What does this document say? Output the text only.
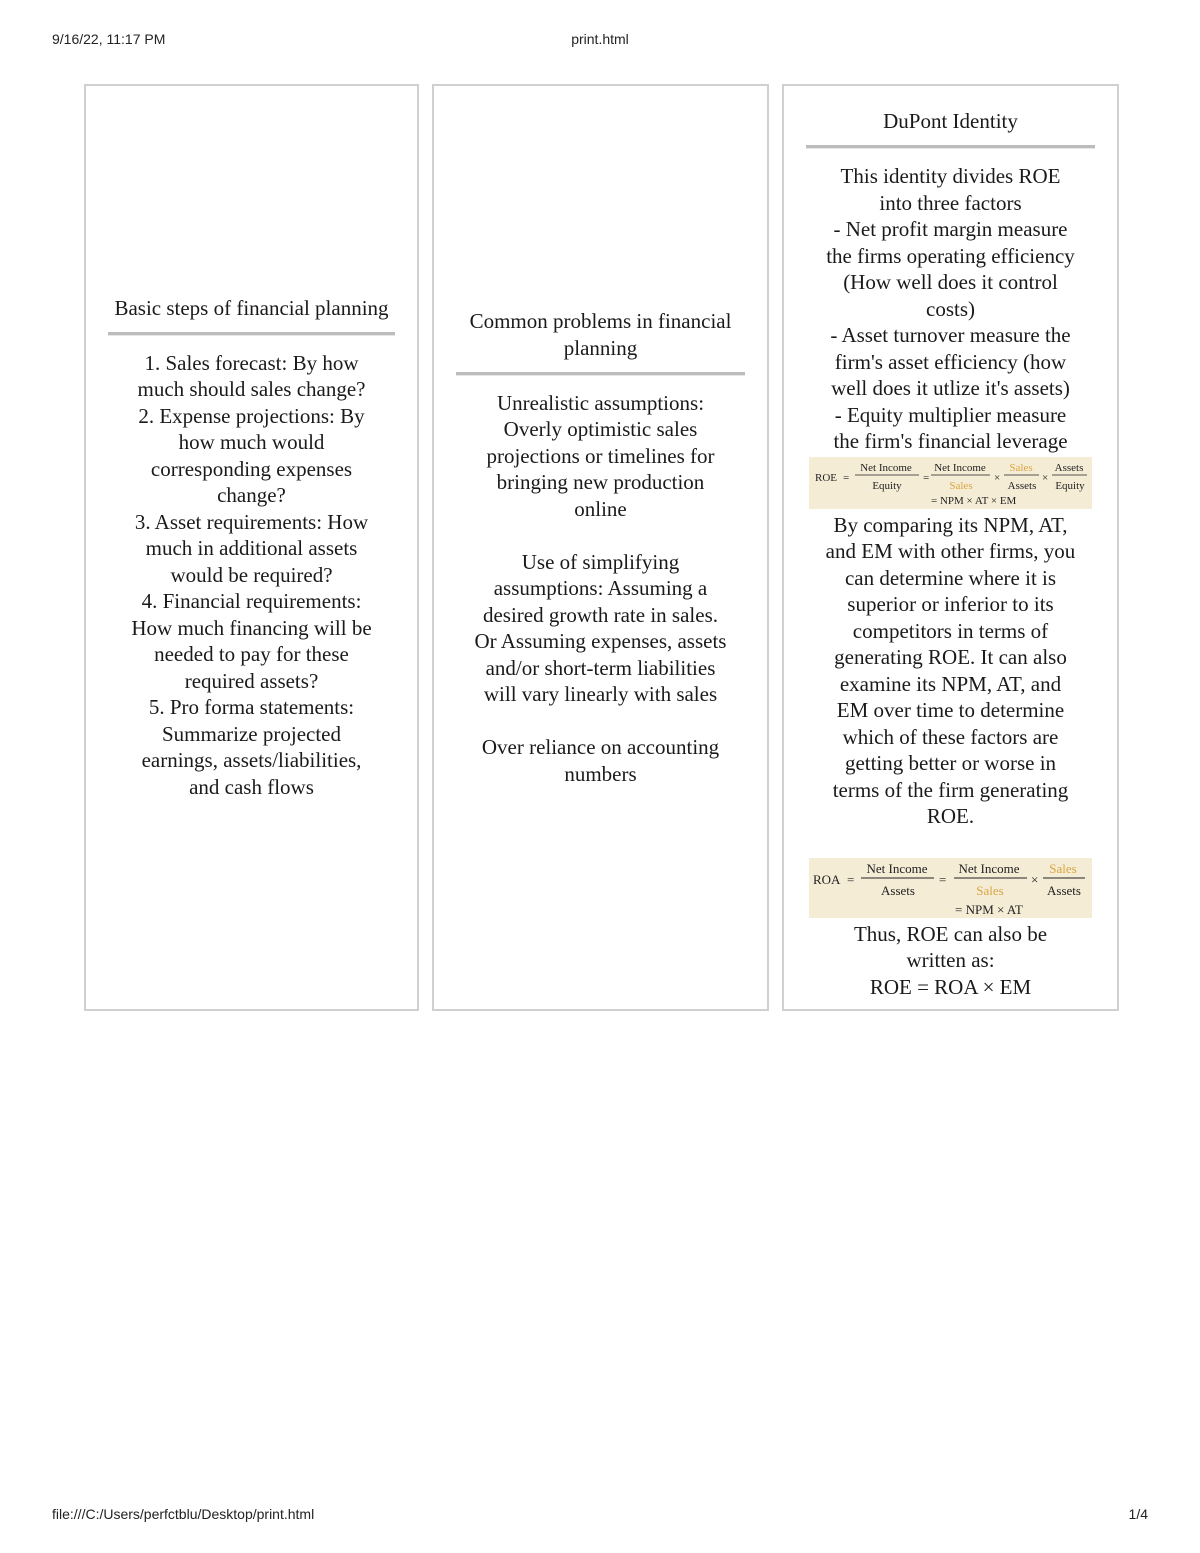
9/16/22, 11:17 PM	print.html
Basic steps of financial planning
1. Sales forecast: By how
much should sales change?
2. Expense projections: By
how much would
corresponding expenses
change?
3. Asset requirements: How
much in additional assets
would be required?
4. Financial requirements:
How much financing will be
needed to pay for these
required assets?
5. Pro forma statements:
Summarize projected
earnings, assets/liabilities,
and cash flows
Common problems in financial planning
Unrealistic assumptions:
Overly optimistic sales
projections or timelines for
bringing new production
online
Use of simplifying
assumptions: Assuming a
desired growth rate in sales.
Or Assuming expenses, assets
and/or short-term liabilities
will vary linearly with sales
Over reliance on accounting
numbers
DuPont Identity
This identity divides ROE
into three factors
- Net profit margin measure
the firms operating efficiency
(How well does it control
costs)
- Asset turnover measure the
firm's asset efficiency (how
well does it utlize it's assets)
- Equity multiplier measure
the firm's financial leverage
ROE =
Net Income
Equity
=
Net Income
Sales
×
Sales
Assets
×
Assets
Equity
= NPM × AT × EM
By comparing its NPM, AT,
and EM with other firms, you
can determine where it is
superior or inferior to its
competitors in terms of
generating ROE. It can also
examine its NPM, AT, and
EM over time to determine
which of these factors are
getting better or worse in
terms of the firm generating
ROE.
ROA =
Net Income
Assets
=
Net Income
Sales
×
Sales
Assets
= NPM × AT
Thus, ROE can also be
written as:
ROE = ROA × EM
file:///C:/Users/perfctblu/Desktop/print.html	1/4
